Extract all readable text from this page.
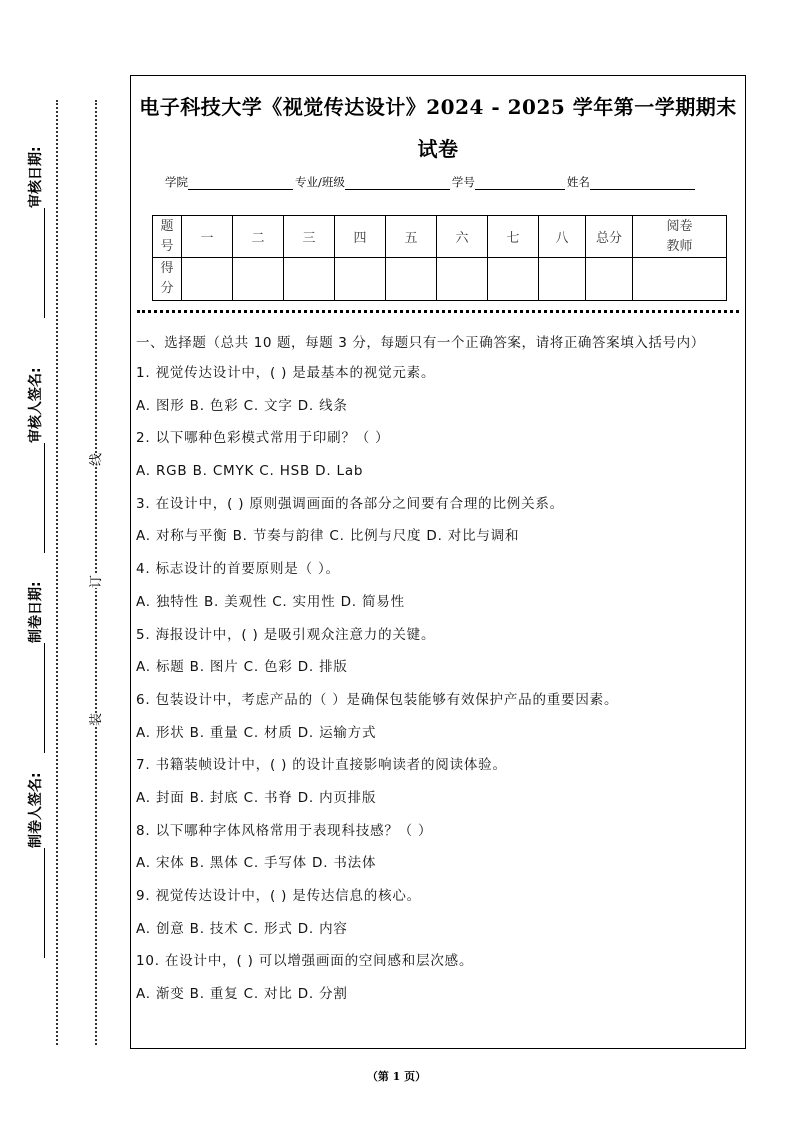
审核日期:
审核人签名:
制卷日期:
制卷人签名:
线
订
装
电子科技大学《视觉传达设计》2024 - 2025 学年第一学期期末试卷
学院	专业/班级	学号	姓名
题号	一	二	三	四	五	六	七	八	总分	阅卷教师
得分										
一、选择题（总共 10 题，每题 3 分，每题只有一个正确答案，请将正确答案填入括号内）
1. 视觉传达设计中，( ) 是最基本的视觉元素。
A. 图形 B. 色彩 C. 文字 D. 线条
2. 以下哪种色彩模式常用于印刷？（ ）
A. RGB B. CMYK C. HSB D. Lab
3. 在设计中，( ) 原则强调画面的各部分之间要有合理的比例关系。
A. 对称与平衡 B. 节奏与韵律 C. 比例与尺度 D. 对比与调和
4. 标志设计的首要原则是（ ）。
A. 独特性 B. 美观性 C. 实用性 D. 简易性
5. 海报设计中，( ) 是吸引观众注意力的关键。
A. 标题 B. 图片 C. 色彩 D. 排版
6. 包装设计中，考虑产品的（ ）是确保包装能够有效保护产品的重要因素。
A. 形状 B. 重量 C. 材质 D. 运输方式
7. 书籍装帧设计中，( ) 的设计直接影响读者的阅读体验。
A. 封面 B. 封底 C. 书脊 D. 内页排版
8. 以下哪种字体风格常用于表现科技感？（ ）
A. 宋体 B. 黑体 C. 手写体 D. 书法体
9. 视觉传达设计中，( ) 是传达信息的核心。
A. 创意 B. 技术 C. 形式 D. 内容
10. 在设计中，( ) 可以增强画面的空间感和层次感。
A. 渐变 B. 重复 C. 对比 D. 分割
（第 1 页）
